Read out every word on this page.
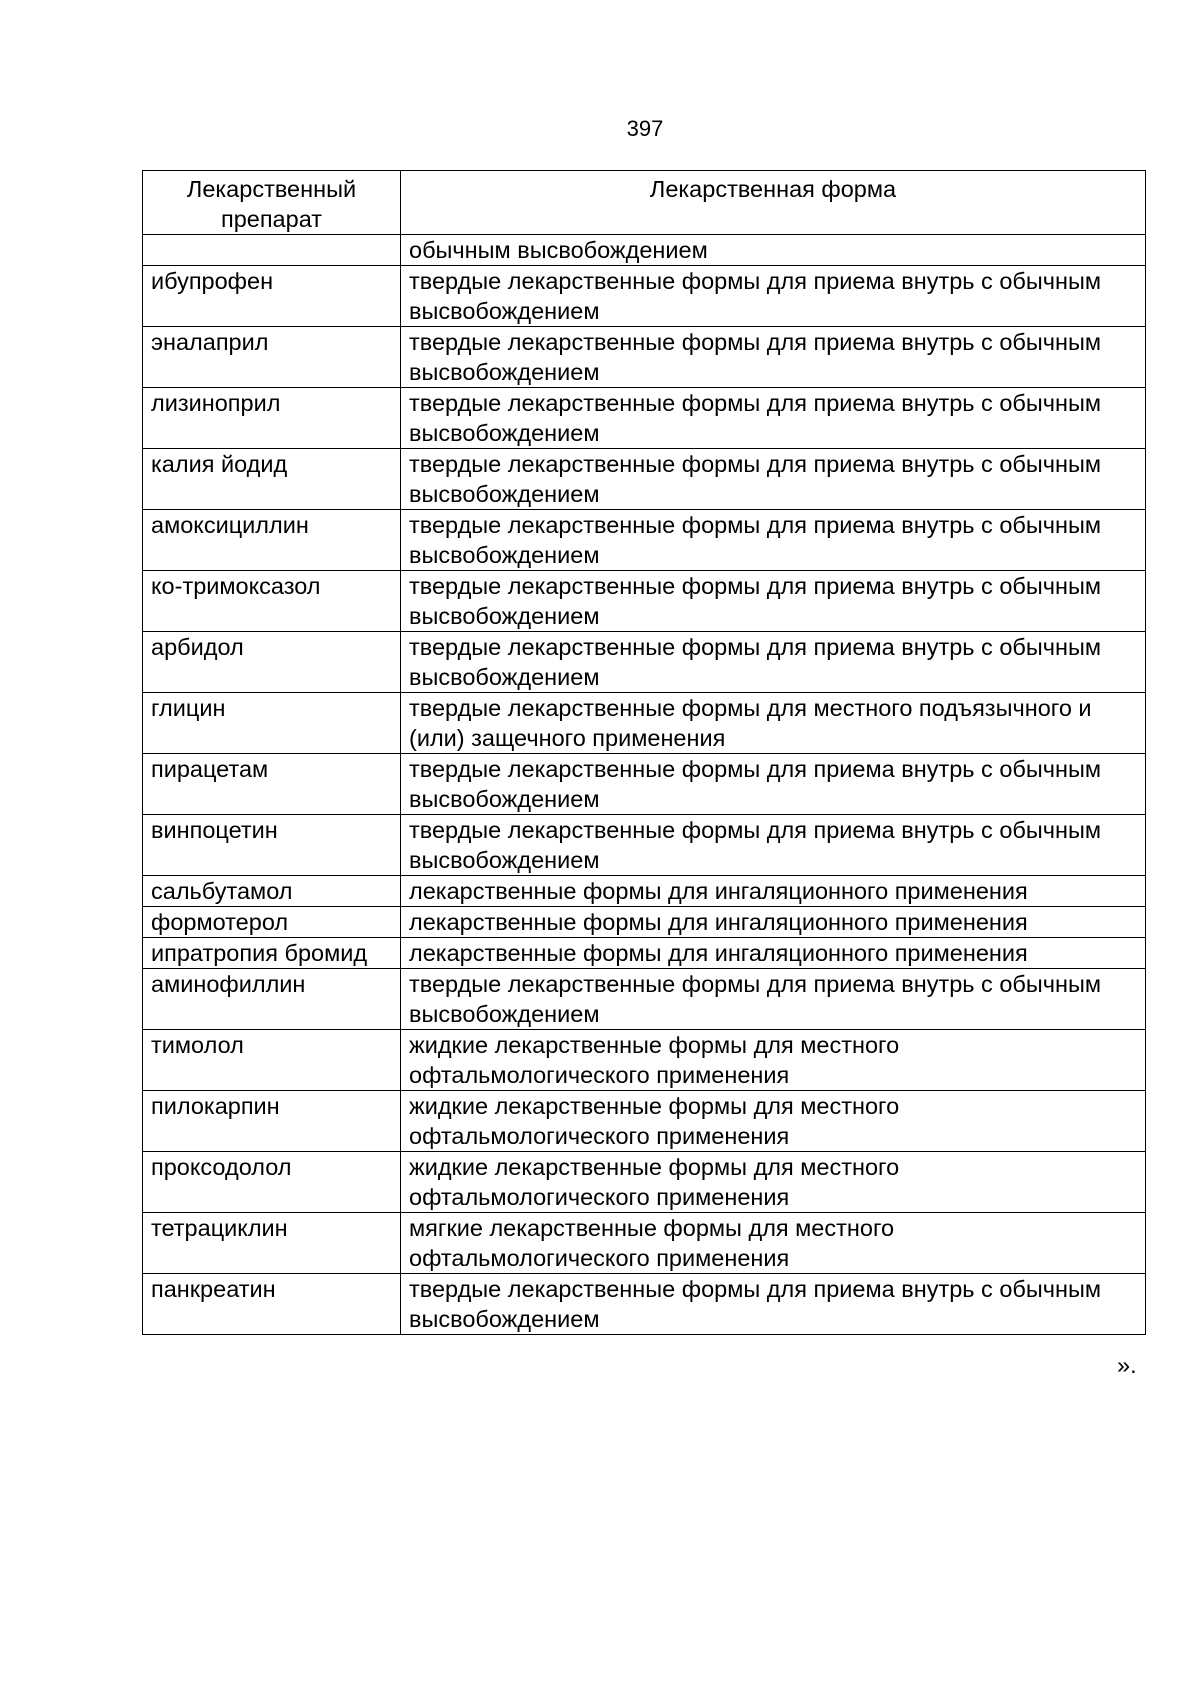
397
Лекарственный препарат	Лекарственная форма
	обычным высвобождением
ибупрофен	твердые лекарственные формы для приема внутрь с обычным высвобождением
эналаприл	твердые лекарственные формы для приема внутрь с обычным высвобождением
лизиноприл	твердые лекарственные формы для приема внутрь с обычным высвобождением
калия йодид	твердые лекарственные формы для приема внутрь с обычным высвобождением
амоксициллин	твердые лекарственные формы для приема внутрь с обычным высвобождением
ко-тримоксазол	твердые лекарственные формы для приема внутрь с обычным высвобождением
арбидол	твердые лекарственные формы для приема внутрь с обычным высвобождением
глицин	твердые лекарственные формы для местного подъязычного и (или) защечного применения
пирацетам	твердые лекарственные формы для приема внутрь с обычным высвобождением
винпоцетин	твердые лекарственные формы для приема внутрь с обычным высвобождением
сальбутамол	лекарственные формы для ингаляционного применения
формотерол	лекарственные формы для ингаляционного применения
ипратропия бромид	лекарственные формы для ингаляционного применения
аминофиллин	твердые лекарственные формы для приема внутрь с обычным высвобождением
тимолол	жидкие лекарственные формы для местного офтальмологического применения
пилокарпин	жидкие лекарственные формы для местного офтальмологического применения
проксодолол	жидкие лекарственные формы для местного офтальмологического применения
тетрациклин	мягкие лекарственные формы для местного офтальмологического применения
панкреатин	твердые лекарственные формы для приема внутрь с обычным высвобождением
».
